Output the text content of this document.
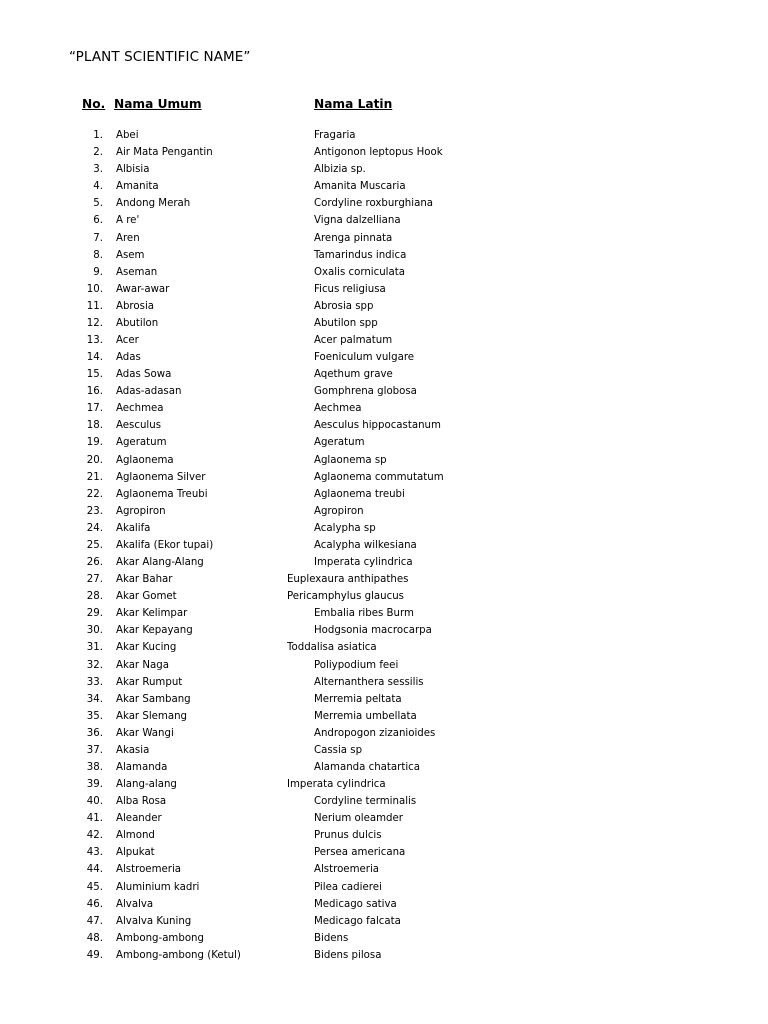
“PLANT SCIENTIFIC NAME”
No. Nama Umum	Nama Latin
1. Abei	Fragaria
2. Air Mata Pengantin	Antigonon leptopus Hook
3. Albisia	Albizia sp.
4. Amanita	Amanita Muscaria
5. Andong Merah	Cordyline roxburghiana
6. A re'	Vigna dalzelliana
7. Aren	Arenga pinnata
8. Asem	Tamarindus indica
9. Aseman	Oxalis corniculata
10. Awar-awar	Ficus religiusa
11. Abrosia	Abrosia spp
12. Abutilon	Abutilon spp
13. Acer	Acer palmatum
14. Adas	Foeniculum vulgare
15. Adas Sowa	Aqethum grave
16. Adas-adasan	Gomphrena globosa
17. Aechmea	Aechmea
18. Aesculus	Aesculus hippocastanum
19. Ageratum	Ageratum
20. Aglaonema	Aglaonema sp
21. Aglaonema Silver	Aglaonema commutatum
22. Aglaonema Treubi	Aglaonema treubi
23. Agropiron	Agropiron
24. Akalifa	Acalypha sp
25. Akalifa (Ekor tupai)	Acalypha wilkesiana
26. Akar Alang-Alang	Imperata cylindrica
27. Akar Bahar	Euplexaura anthipathes
28. Akar Gomet	Pericamphylus glaucus
29. Akar Kelimpar	Embalia ribes Burm
30. Akar Kepayang	Hodgsonia macrocarpa
31. Akar Kucing	Toddalisa asiatica
32. Akar Naga	Poliypodium feei
33. Akar Rumput	Alternanthera sessilis
34. Akar Sambang	Merremia peltata
35. Akar Slemang	Merremia umbellata
36. Akar Wangi	Andropogon zizanioides
37. Akasia	Cassia sp
38. Alamanda	Alamanda chatartica
39. Alang-alang	Imperata cylindrica
40. Alba Rosa	Cordyline terminalis
41. Aleander	Nerium oleamder
42. Almond	Prunus dulcis
43. Alpukat	Persea americana
44. Alstroemeria	Alstroemeria
45. Aluminium kadri	Pilea cadierei
46. Alvalva	Medicago sativa
47. Alvalva Kuning	Medicago falcata
48. Ambong-ambong	Bidens
49. Ambong-ambong (Ketul)	Bidens pilosa
